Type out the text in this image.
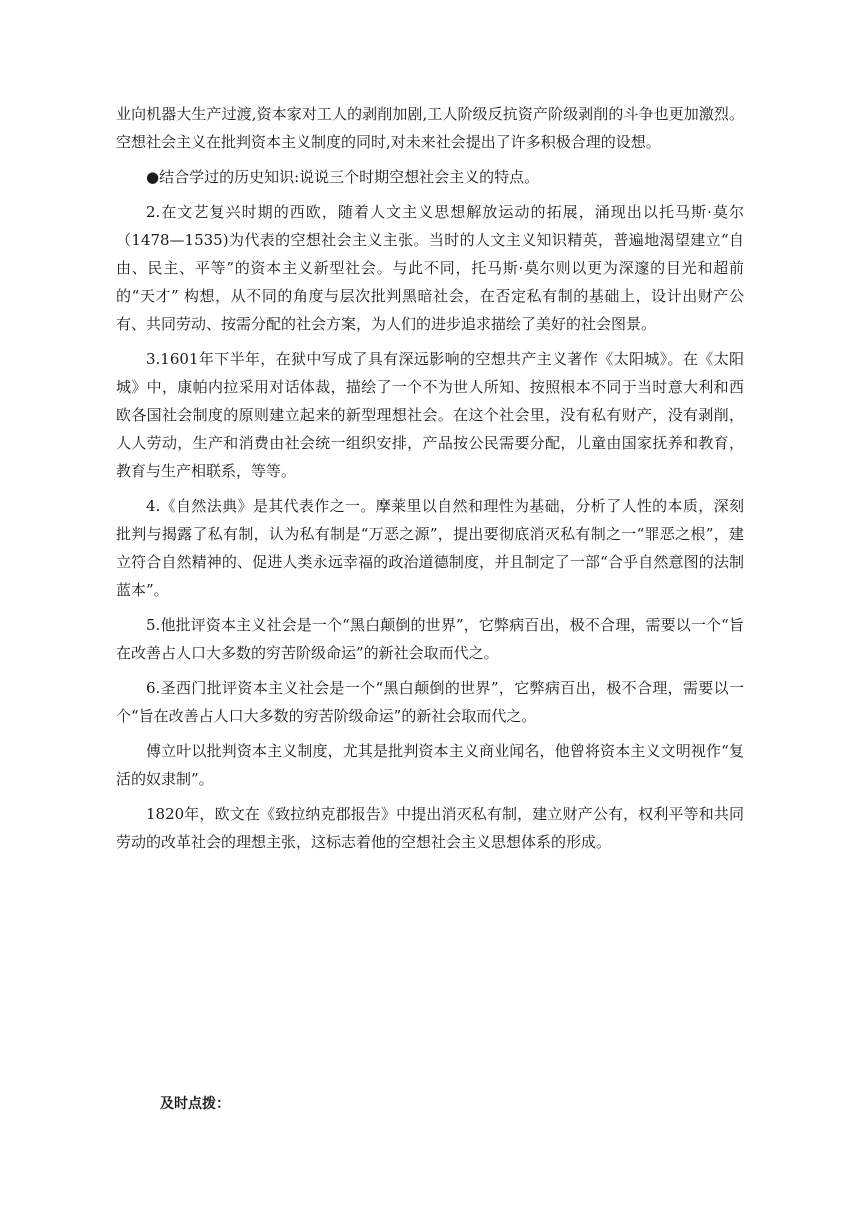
业向机器大生产过渡,资本家对工人的剥削加剧,工人阶级反抗资产阶级剥削的斗争也更加激烈。空想社会主义在批判资本主义制度的同时,对未来社会提出了许多积极合理的设想。

●结合学过的历史知识:说说三个时期空想社会主义的特点。

2.在文艺复兴时期的西欧，随着人文主义思想解放运动的拓展，涌现出以托马斯·莫尔（1478—1535)为代表的空想社会主义主张。当时的人文主义知识精英，普遍地渴望建立“自由、民主、平等”的资本主义新型社会。与此不同，托马斯·莫尔则以更为深邃的目光和超前的“天才” 构想，从不同的角度与层次批判黑暗社会，在否定私有制的基础上，设计出财产公有、共同劳动、按需分配的社会方案，为人们的进步追求描绘了美好的社会图景。

3.1601年下半年，在狱中写成了具有深远影响的空想共产主义著作《太阳城》。在《太阳城》中，康帕内拉采用对话体裁，描绘了一个不为世人所知、按照根本不同于当时意大利和西欧各国社会制度的原则建立起来的新型理想社会。在这个社会里，没有私有财产，没有剥削，人人劳动，生产和消费由社会统一组织安排，产品按公民需要分配，儿童由国家抚养和教育，教育与生产相联系，等等。

4.《自然法典》是其代表作之一。摩莱里以自然和理性为基础，分析了人性的本质，深刻批判与揭露了私有制，认为私有制是“万恶之源”，提出要彻底消灭私有制之一“罪恶之根”，建立符合自然精神的、促进人类永远幸福的政治道德制度，并且制定了一部“合乎自然意图的法制蓝本”。

5.他批评资本主义社会是一个“黑白颠倒的世界”，它弊病百出，极不合理，需要以一个“旨在改善占人口大多数的穷苦阶级命运”的新社会取而代之。

6.圣西门批评资本主义社会是一个“黑白颠倒的世界”，它弊病百出，极不合理，需要以一个“旨在改善占人口大多数的穷苦阶级命运”的新社会取而代之。

傅立叶以批判资本主义制度，尤其是批判资本主义商业闻名，他曾将资本主义文明视作“复活的奴隶制”。

1820年，欧文在《致拉纳克郡报告》中提出消灭私有制，建立财产公有，权利平等和共同劳动的改革社会的理想主张，这标志着他的空想社会主义思想体系的形成。

及时点拨：
